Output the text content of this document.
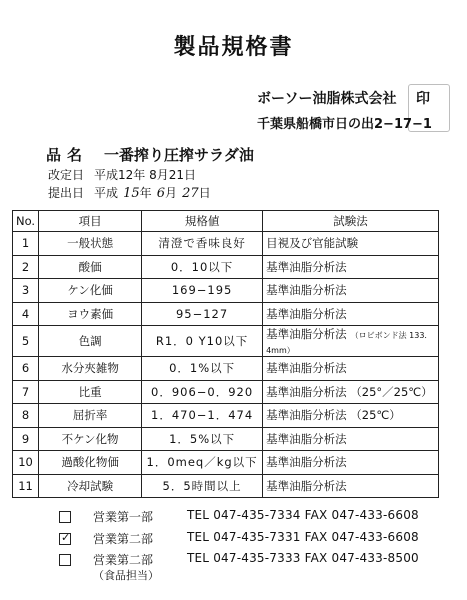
製品規格書
ボーソー油脂株式会社 印
千葉県船橋市日の出2−17−1
品名 一番搾り圧搾サラダ油
改定日 平成12年 8月21日
提出日 平成 15年 6月 27日
No.	項目	規格値	試験法
1	一般状態	清澄で香味良好	目視及び官能試験
2	酸価	0．10以下	基準油脂分析法
3	ケン化価	169−195	基準油脂分析法
4	ヨウ素価	95−127	基準油脂分析法
5	色調	R1．0 Y10以下	基準油脂分析法 （ロビボンド法 133．4mm）
6	水分夾雑物	0．1%以下	基準油脂分析法
7	比重	0．906−0．920	基準油脂分析法 （25°／25℃）
8	屈折率	1．470−1．474	基準油脂分析法 （25℃）
9	不ケン化物	1．5%以下	基準油脂分析法
10	過酸化物価	1．0meq／kg以下	基準油脂分析法
11	冷却試験	5．5時間以上	基準油脂分析法
営業第一部	TEL 047-435-7334 FAX 047-433-6608
✓ 営業第二部	TEL 047-435-7331 FAX 047-433-6608
営業第二部	TEL 047-435-7333 FAX 047-433-8500
（食品担当）
